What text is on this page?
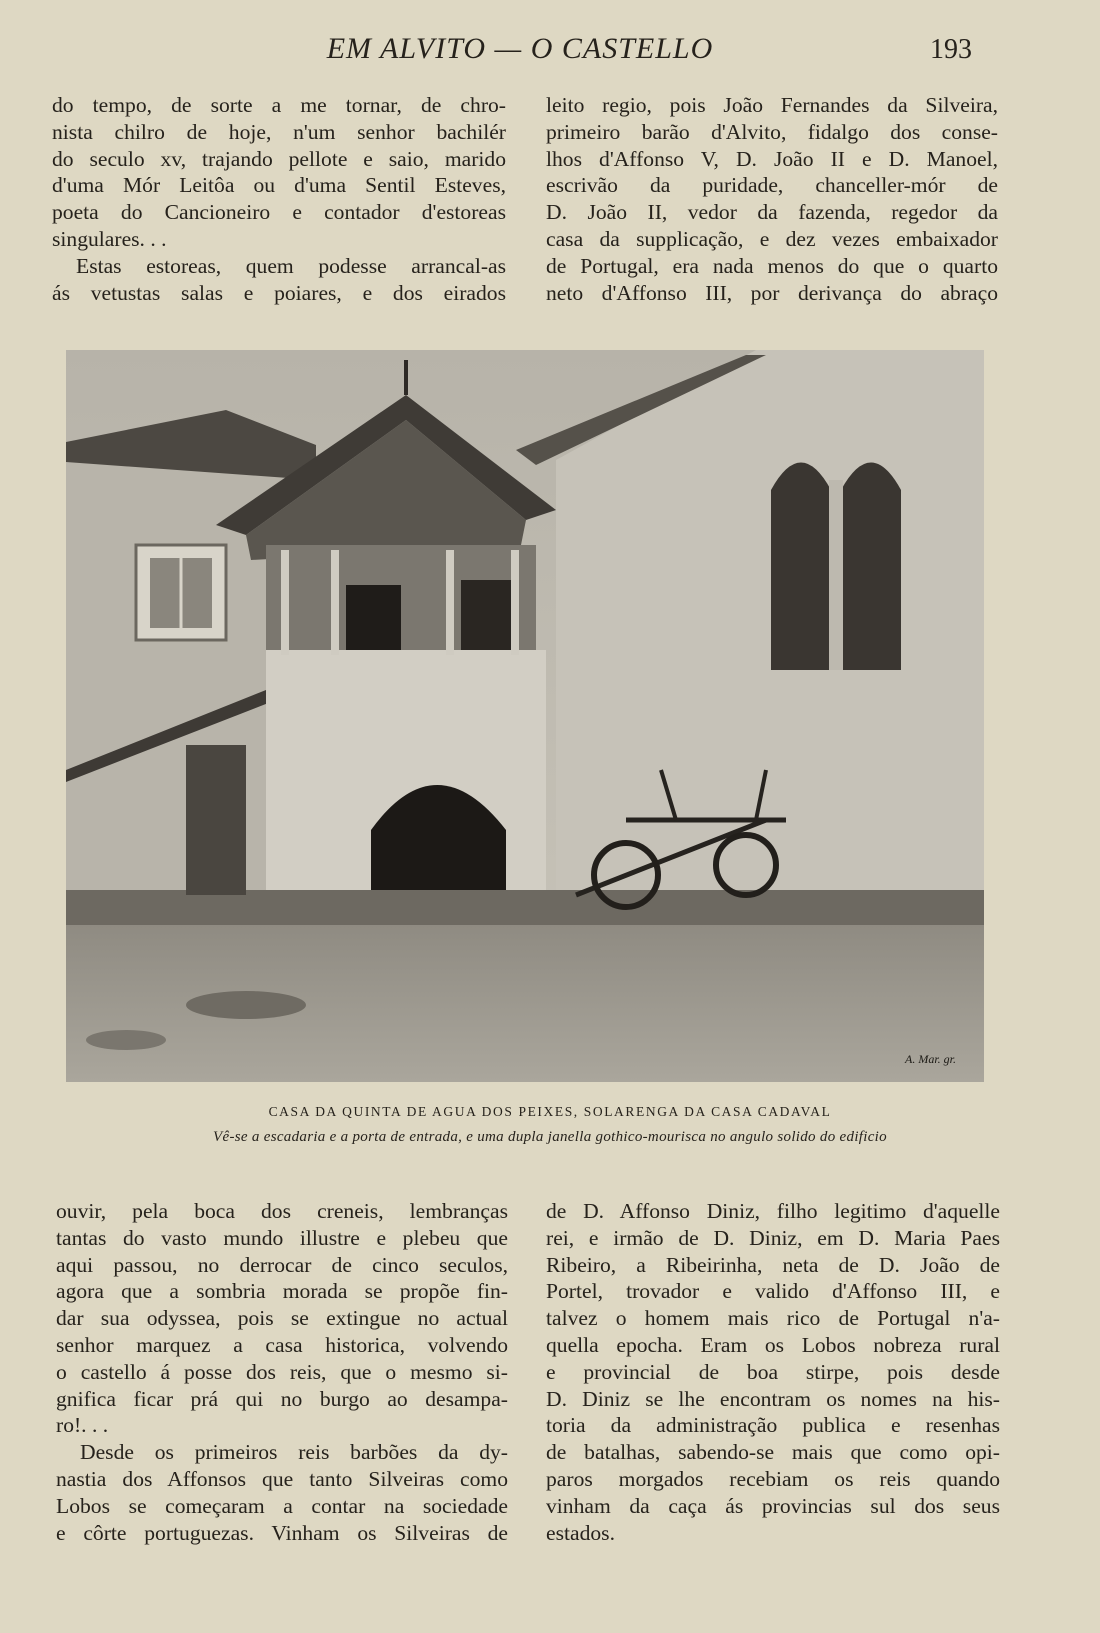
EM ALVITO — O CASTELLO	193
do tempo, de sorte a me tornar, de chro-
nista chilro de hoje, n'um senhor bachilér
do seculo xv, trajando pellote e saio, marido
d'uma Mór Leitôa ou d'uma Sentil Esteves,
poeta do Cancioneiro e contador d'estoreas
singulares. . .
Estas estoreas, quem podesse arrancal-as
ás vetustas salas e poiares, e dos eirados
leito regio, pois João Fernandes da Silveira,
primeiro barão d'Alvito, fidalgo dos conse-
lhos d'Affonso V, D. João II e D. Manoel,
escrivão da puridade, chanceller-mór de
D. João II, vedor da fazenda, regedor da
casa da supplicação, e dez vezes embaixador
de Portugal, era nada menos do que o quarto
neto d'Affonso III, por derivança do abraço
A. Mar. gr.
CASA DA QUINTA DE AGUA DOS PEIXES, SOLARENGA DA CASA CADAVAL
Vê-se a escadaria e a porta de entrada, e uma dupla janella gothico-mourisca no angulo solido do edificio
ouvir, pela boca dos creneis, lembranças
tantas do vasto mundo illustre e plebeu que
aqui passou, no derrocar de cinco seculos,
agora que a sombria morada se propõe fin-
dar sua odyssea, pois se extingue no actual
senhor marquez a casa historica, volvendo
o castello á posse dos reis, que o mesmo si-
gnifica ficar prá qui no burgo ao desampa-
ro!. . .
Desde os primeiros reis barbões da dy-
nastia dos Affonsos que tanto Silveiras como
Lobos se começaram a contar na sociedade
e côrte portuguezas. Vinham os Silveiras de
de D. Affonso Diniz, filho legitimo d'aquelle
rei, e irmão de D. Diniz, em D. Maria Paes
Ribeiro, a Ribeirinha, neta de D. João de
Portel, trovador e valido d'Affonso III, e
talvez o homem mais rico de Portugal n'a-
quella epocha. Eram os Lobos nobreza rural
e provincial de boa stirpe, pois desde
D. Diniz se lhe encontram os nomes na his-
toria da administração publica e resenhas
de batalhas, sabendo-se mais que como opi-
paros morgados recebiam os reis quando
vinham da caça ás provincias sul dos seus
estados.
